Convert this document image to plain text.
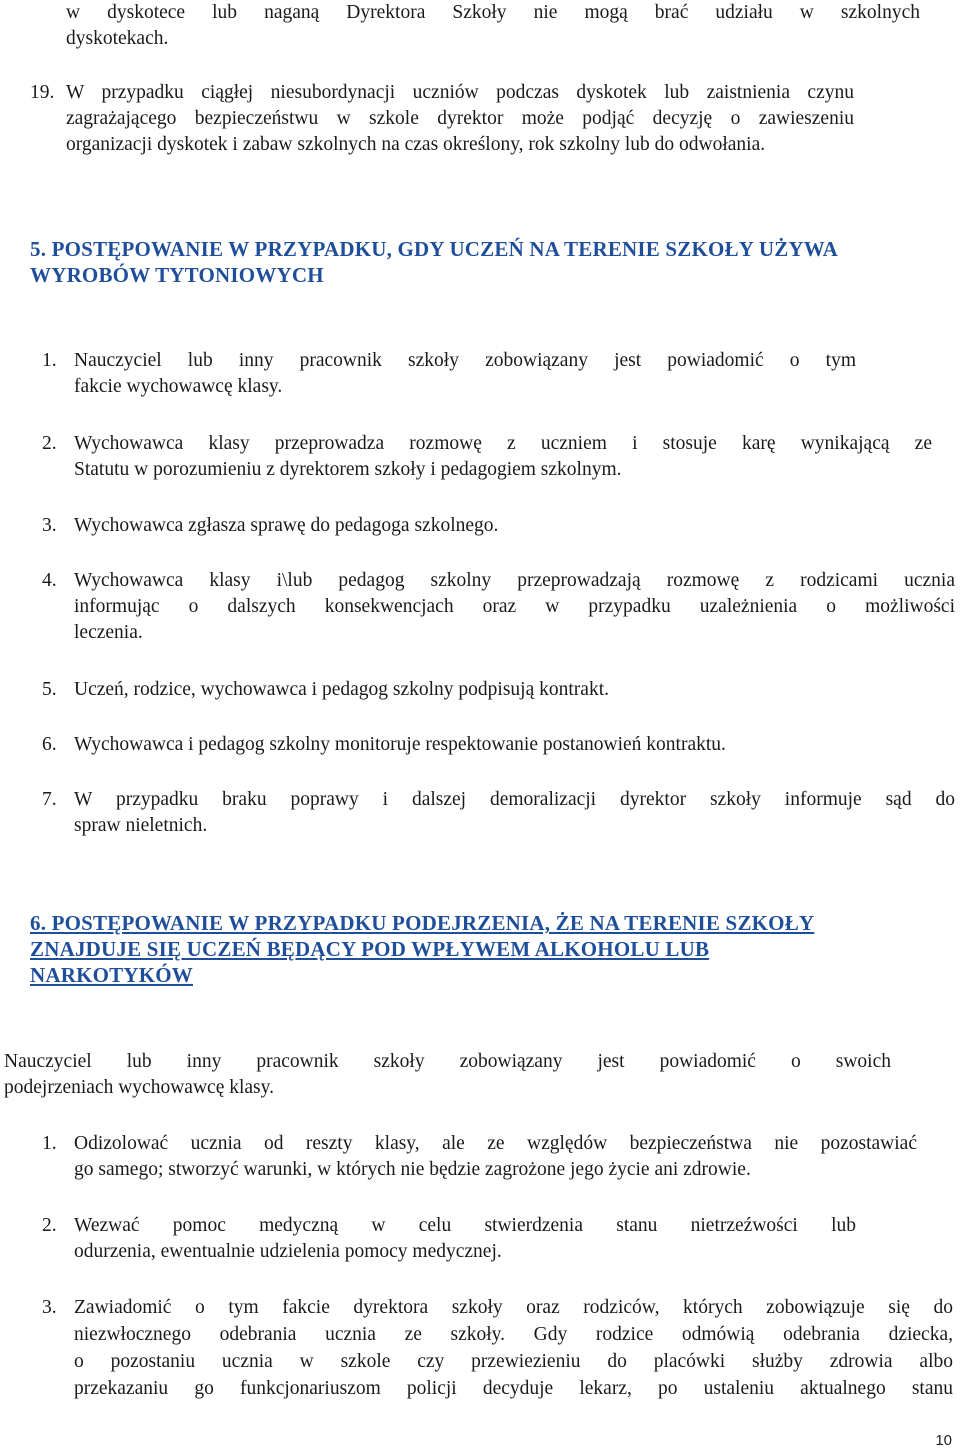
w dyskotece lub naganą Dyrektora Szkoły nie mogą brać udziału w szkolnych
dyskotekach.
19. W przypadku ciągłej niesubordynacji uczniów podczas dyskotek lub zaistnienia czynu
zagrażającego bezpieczeństwu w szkole dyrektor może podjąć decyzję o zawieszeniu
organizacji dyskotek i zabaw szkolnych na czas określony, rok szkolny lub do odwołania.
5. POSTĘPOWANIE W PRZYPADKU, GDY UCZEŃ NA TERENIE SZKOŁY UŻYWA
WYROBÓW TYTONIOWYCH
1. Nauczyciel lub inny pracownik szkoły zobowiązany jest powiadomić o tym
fakcie wychowawcę klasy.
2. Wychowawca klasy przeprowadza rozmowę z uczniem i stosuje karę wynikającą ze
Statutu w porozumieniu z dyrektorem szkoły i pedagogiem szkolnym.
3. Wychowawca zgłasza sprawę do pedagoga szkolnego.
4. Wychowawca klasy i\lub pedagog szkolny przeprowadzają rozmowę z rodzicami ucznia
informując o dalszych konsekwencjach oraz w przypadku uzależnienia o możliwości
leczenia.
5. Uczeń, rodzice, wychowawca i pedagog szkolny podpisują kontrakt.
6. Wychowawca i pedagog szkolny monitoruje respektowanie postanowień kontraktu.
7. W przypadku braku poprawy i dalszej demoralizacji dyrektor szkoły informuje sąd do
spraw nieletnich.
6. POSTĘPOWANIE W PRZYPADKU PODEJRZENIA, ŻE NA TERENIE SZKOŁY
ZNAJDUJE SIĘ UCZEŃ BĘDĄCY POD WPŁYWEM ALKOHOLU LUB
NARKOTYKÓW
Nauczyciel lub inny pracownik szkoły zobowiązany jest powiadomić o swoich
podejrzeniach wychowawcę klasy.
1. Odizolować ucznia od reszty klasy, ale ze względów bezpieczeństwa nie pozostawiać
go samego; stworzyć warunki, w których nie będzie zagrożone jego życie ani zdrowie.
2. Wezwać pomoc medyczną w celu stwierdzenia stanu nietrzeźwości lub
odurzenia, ewentualnie udzielenia pomocy medycznej.
3. Zawiadomić o tym fakcie dyrektora szkoły oraz rodziców, których zobowiązuje się do
niezwłocznego odebrania ucznia ze szkoły. Gdy rodzice odmówią odebrania dziecka,
o pozostaniu ucznia w szkole czy przewiezieniu do placówki służby zdrowia albo
przekazaniu go funkcjonariuszom policji decyduje lekarz, po ustaleniu aktualnego stanu
10
